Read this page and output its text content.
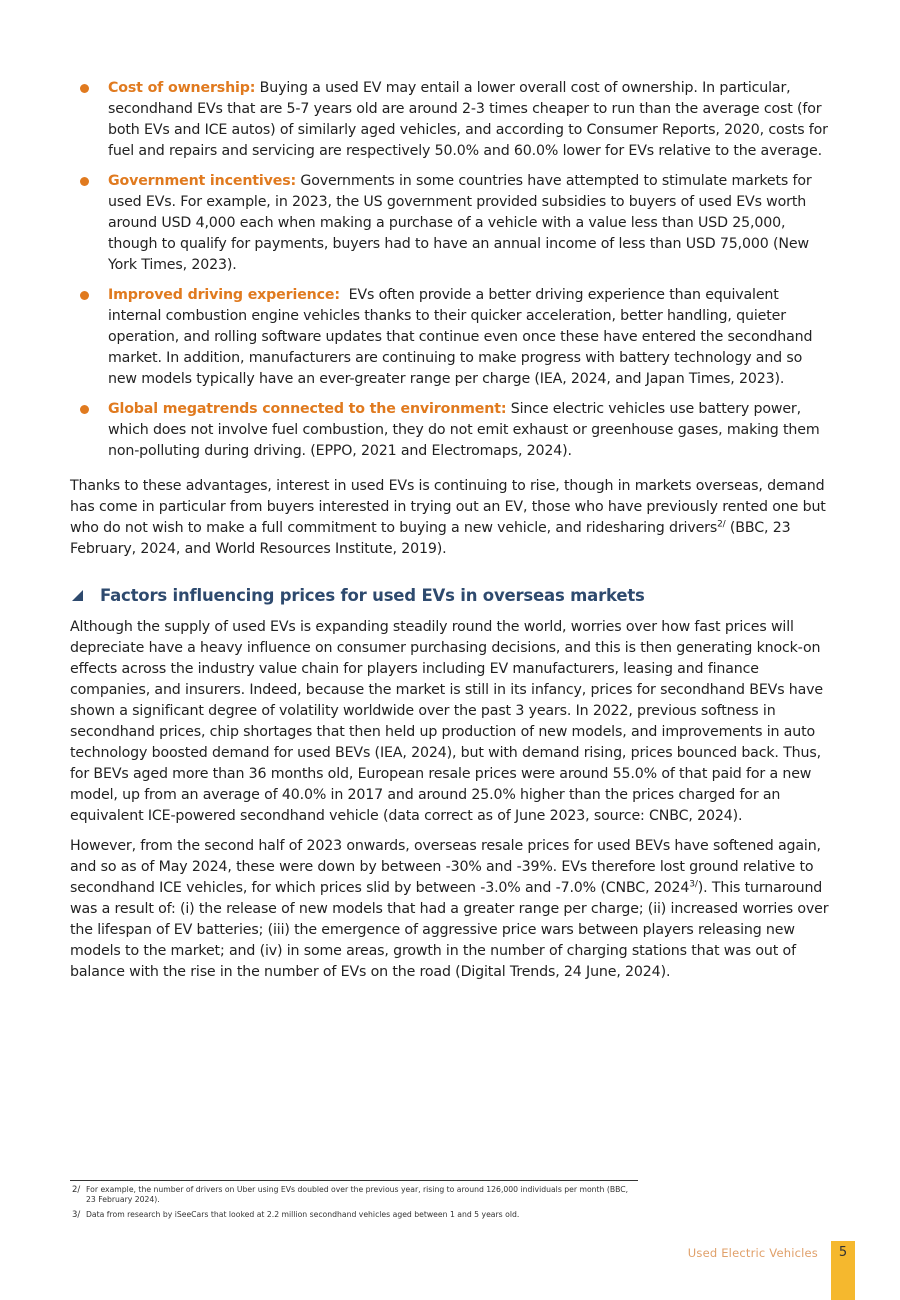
Cost of ownership: Buying a used EV may entail a lower overall cost of ownership. In particular, secondhand EVs that are 5-7 years old are around 2-3 times cheaper to run than the average cost (for both EVs and ICE autos) of similarly aged vehicles, and according to Consumer Reports, 2020, costs for fuel and repairs and servicing are respectively 50.0% and 60.0% lower for EVs relative to the average.
Government incentives: Governments in some countries have attempted to stimulate markets for used EVs. For example, in 2023, the US government provided subsidies to buyers of used EVs worth around USD 4,000 each when making a purchase of a vehicle with a value less than USD 25,000, though to qualify for payments, buyers had to have an annual income of less than USD 75,000 (New York Times, 2023).
Improved driving experience:  EVs often provide a better driving experience than equivalent internal combustion engine vehicles thanks to their quicker acceleration, better handling, quieter operation, and rolling software updates that continue even once these have entered the secondhand market. In addition, manufacturers are continuing to make progress with battery technology and so new models typically have an ever-greater range per charge (IEA, 2024, and Japan Times, 2023).
Global megatrends connected to the environment: Since electric vehicles use battery power, which does not involve fuel combustion, they do not emit exhaust or greenhouse gases, making them non-polluting during driving. (EPPO, 2021 and Electromaps, 2024).

Thanks to these advantages, interest in used EVs is continuing to rise, though in markets overseas, demand has come in particular from buyers interested in trying out an EV, those who have previously rented one but who do not wish to make a full commitment to buying a new vehicle, and ridesharing drivers$^{2/}$ (BBC, 23 February, 2024, and World Resources Institute, 2019).

Factors influencing prices for used EVs in overseas markets

Although the supply of used EVs is expanding steadily round the world, worries over how fast prices will depreciate have a heavy influence on consumer purchasing decisions, and this is then generating knock-on effects across the industry value chain for players including EV manufacturers, leasing and finance companies, and insurers. Indeed, because the market is still in its infancy, prices for secondhand BEVs have shown a significant degree of volatility worldwide over the past 3 years. In 2022, previous softness in secondhand prices, chip shortages that then held up production of new models, and improvements in auto technology boosted demand for used BEVs (IEA, 2024), but with demand rising, prices bounced back. Thus, for BEVs aged more than 36 months old, European resale prices were around 55.0% of that paid for a new model, up from an average of 40.0% in 2017 and around 25.0% higher than the prices charged for an equivalent ICE-powered secondhand vehicle (data correct as of June 2023, source: CNBC, 2024).

However, from the second half of 2023 onwards, overseas resale prices for used BEVs have softened again, and so as of May 2024, these were down by between -30% and -39%. EVs therefore lost ground relative to secondhand ICE vehicles, for which prices slid by between -3.0% and -7.0% (CNBC, $2024^{3/}$). This turnaround was a result of: (i) the release of new models that had a greater range per charge; (ii) increased worries over the lifespan of EV batteries; (iii) the emergence of aggressive price wars between players releasing new models to the market; and (iv) in some areas, growth in the number of charging stations that was out of balance with the rise in the number of EVs on the road (Digital Trends, 24 June, 2024).

2/ For example, the number of drivers on Uber using EVs doubled over the previous year, rising to around 126,000 individuals per month (BBC, 23 February 2024).
3/ Data from research by iSeeCars that looked at 2.2 million secondhand vehicles aged between 1 and 5 years old.
Used Electric Vehicles	5
